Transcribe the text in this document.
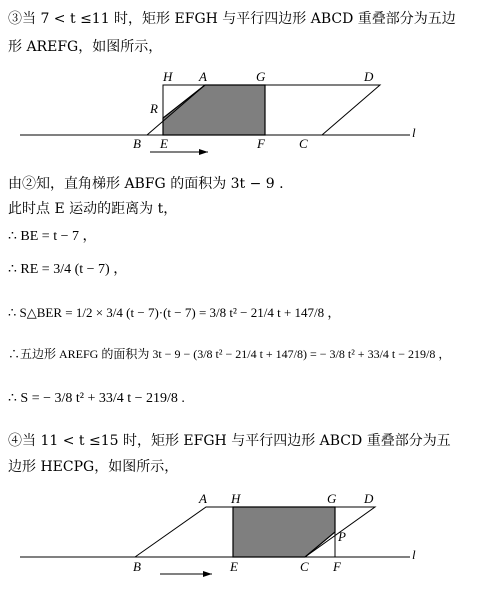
③当 7 < t ≤11 时，矩形 EFGH 与平行四边形 ABCD 重叠部分为五边
形 AREFG，如图所示，
H A	G	D
R
B E	F	C
l
由②知，直角梯形 ABFG 的面积为 3t − 9 .
此时点 E 运动的距离为 t，
∴ BE = t − 7 ，
∴ RE = 3/4 (t − 7) ，
∴ S△BER = 1/2 × 3/4 (t − 7)·(t − 7) = 3/8 t² − 21/4 t + 147/8 ，
∴五边形 AREFG 的面积为 3t − 9 − (3/8 t² − 21/4 t + 147/8) = − 3/8 t² + 33/4 t − 219/8 ，
∴ S = − 3/8 t² + 33/4 t − 219/8 .
④当 11 < t ≤15 时，矩形 EFGH 与平行四边形 ABCD 重叠部分为五
边形 HECPG，如图所示，
A H	G D
P
B	E	C F
l
